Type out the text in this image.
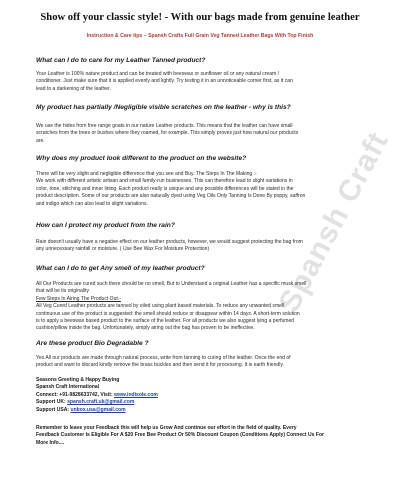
Show off your classic style! - With our bags made from genuine leather
Instruction & Care tips – Spansh Crafts Full Grain Veg Tanned Leather Bags With Top Finish
Spansh Craft
What can I do to care for my Leather Tanned product?
Your Leather is 100% nature product and can be treated with beeswax or sunflower oil or any natural cream /
conditioner. Just make sure that it is applied evenly and lightly. Try testing it in an unnoticeable corner first, as it can
lead to a darkening of the leather.
My product has partially /Negligible visible scratches on the leather - why is this?
We use the hides from free range goats in our nature Leather products. This means that the leather can have small
scratches from the trees or bushes where they roamed, for example. This simply proves just how natural our products
are.
Why does my product look different to the product on the website?
There will be very slight and negligible difference that you see and Buy. The Steps In The Making :-
We work with different artistic artisan and small family-run businesses. This can therefore lead to slight variations in
color, tone, stitching and inner lining. Each product really is unique and any possible differences will be stated in the
product description. Some of our products are also naturally dyed using Veg Oils Only Tanning Is Done By poppy, saffron
and indigo which can also lead to slight variations.
How can I protect my product from the rain?
Rain doesn't usually have a negative effect on our leather products, however, we would suggest protecting the bag from
any unnecessary rainfall or moisture. ( Use Bee Wax For Moisture Protection)
What can I do to get Any smell of my leather product?
All Our Products are cured such there should be no smell, But to Understand a original Leather has a specific musk smell
that will be its originality
Few Steps In Airing The Product Out:-
All Veg Cured Leather products are tanned by oiled using plant based materials. To reduce any unwanted smell,
continuous use of the product is suggested: the smell should reduce or disappear within 14 days. A short-term solution
is to apply a beeswax based product to the surface of the leather. For all products we also suggest lying a perfumed
cushion/pillow inside the bag. Unfortunately, simply airing out the bag has proven to be ineffective.
Are these product Bio Degradable ?
Yes All our products are made through natural process, write from tanning to curing of the leather. Once the end of
product and want to discard kindly remove the brass buckles and then send it for processing. It is earth friendly.
Seasons Greeting & Happy Buying
Spansh Craft International
Connect: +91-9828633742, Visit: www.indisole.com
Support UK: spansh.craft.uk@gmail.com
Support USA: unbox.usa@gmail.com
Remember to leave your Feedback this will help us Grow And continue our effort in the field of quality. Every
Feedback Customer Is Eligible For A $20 Free Bee Product Or 50% Discount Coupon (Conditions Apply) Connect Us For
More Info....
